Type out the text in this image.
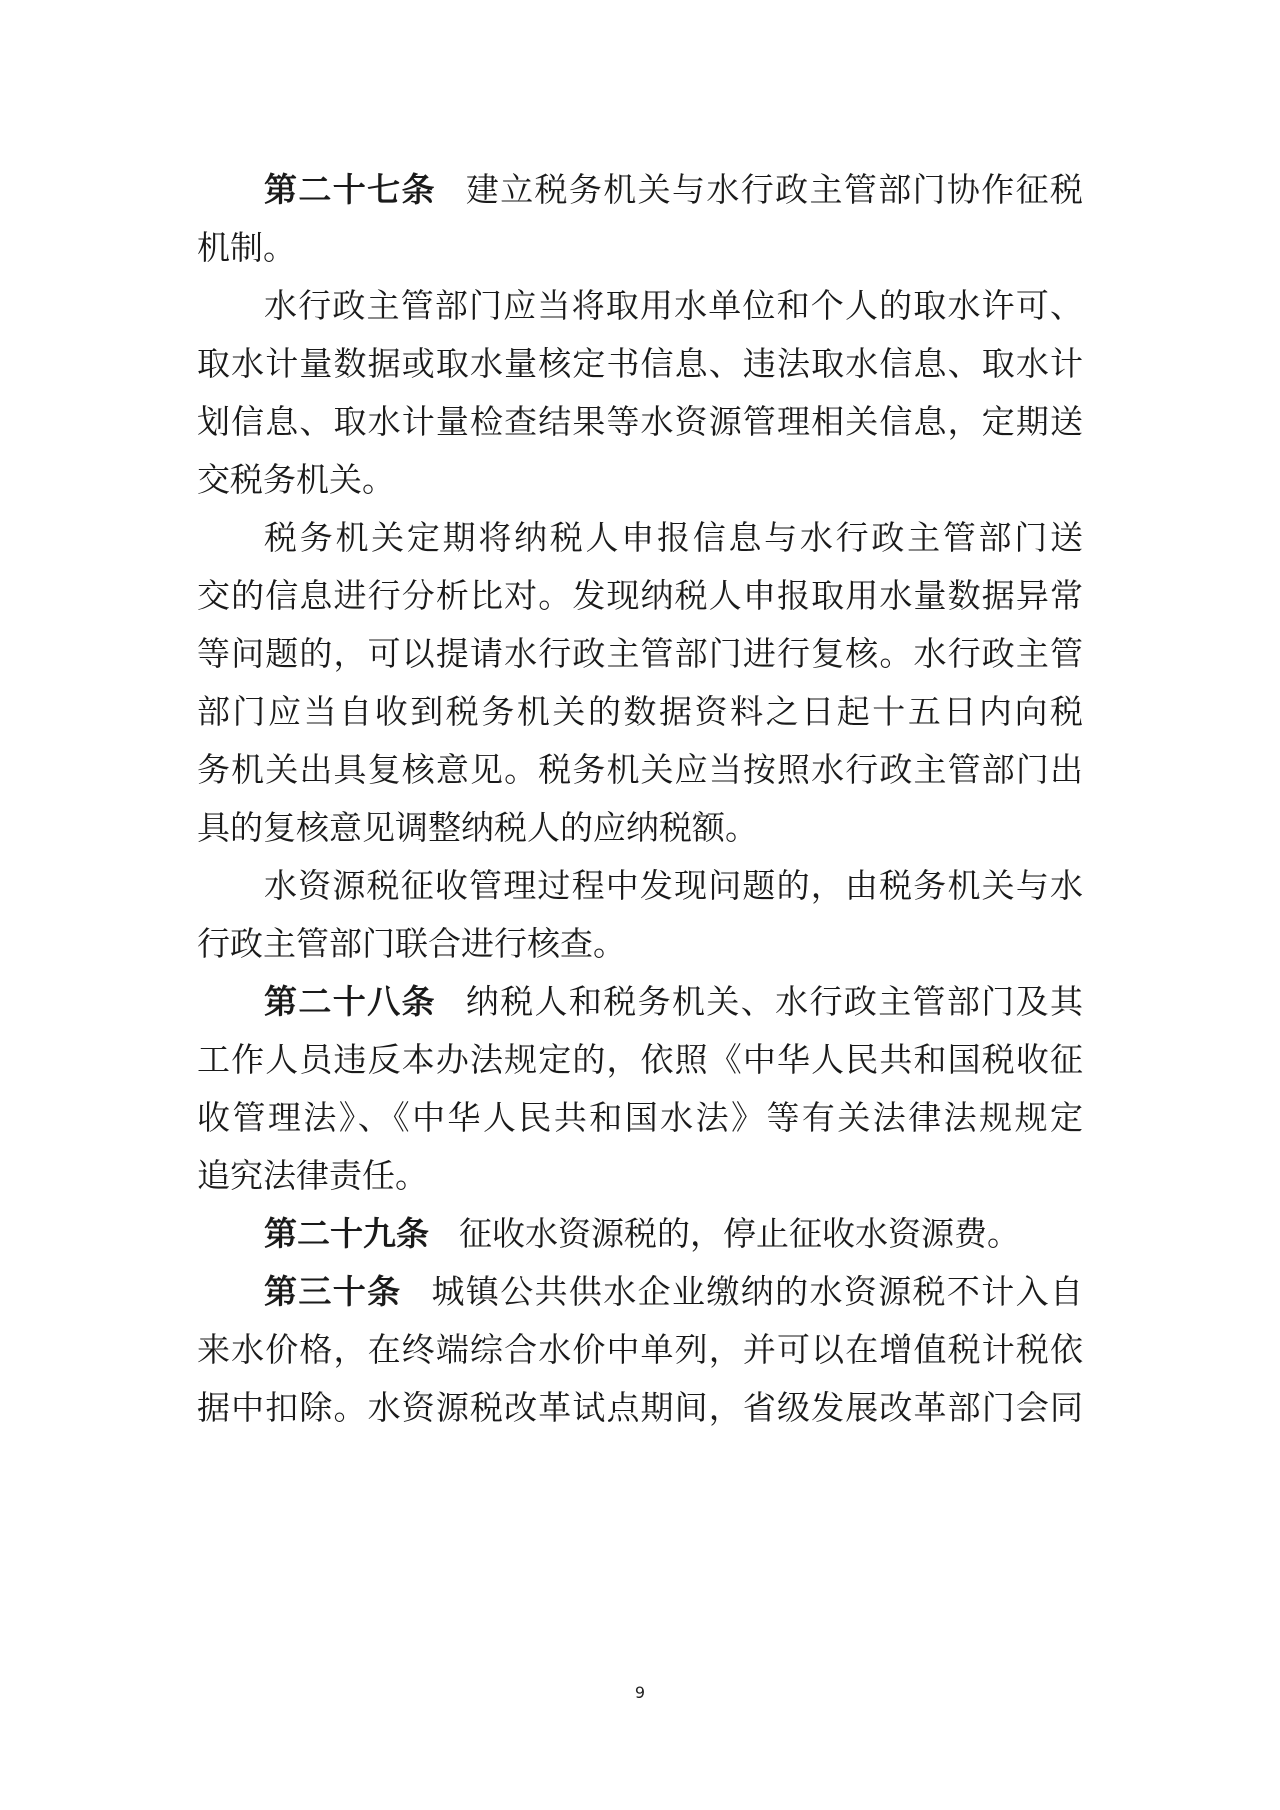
第二十七条 建立税务机关与水行政主管部门协作征税
机制。
水行政主管部门应当将取用水单位和个人的取水许可、
取水计量数据或取水量核定书信息、违法取水信息、取水计
划信息、取水计量检查结果等水资源管理相关信息，定期送
交税务机关。
税务机关定期将纳税人申报信息与水行政主管部门送
交的信息进行分析比对。发现纳税人申报取用水量数据异常
等问题的，可以提请水行政主管部门进行复核。水行政主管
部门应当自收到税务机关的数据资料之日起十五日内向税
务机关出具复核意见。税务机关应当按照水行政主管部门出
具的复核意见调整纳税人的应纳税额。
水资源税征收管理过程中发现问题的，由税务机关与水
行政主管部门联合进行核查。
第二十八条 纳税人和税务机关、水行政主管部门及其
工作人员违反本办法规定的，依照《中华人民共和国税收征
收管理法》、《中华人民共和国水法》等有关法律法规规定
追究法律责任。
第二十九条 征收水资源税的，停止征收水资源费。
第三十条 城镇公共供水企业缴纳的水资源税不计入自
来水价格，在终端综合水价中单列，并可以在增值税计税依
据中扣除。水资源税改革试点期间，省级发展改革部门会同
9
